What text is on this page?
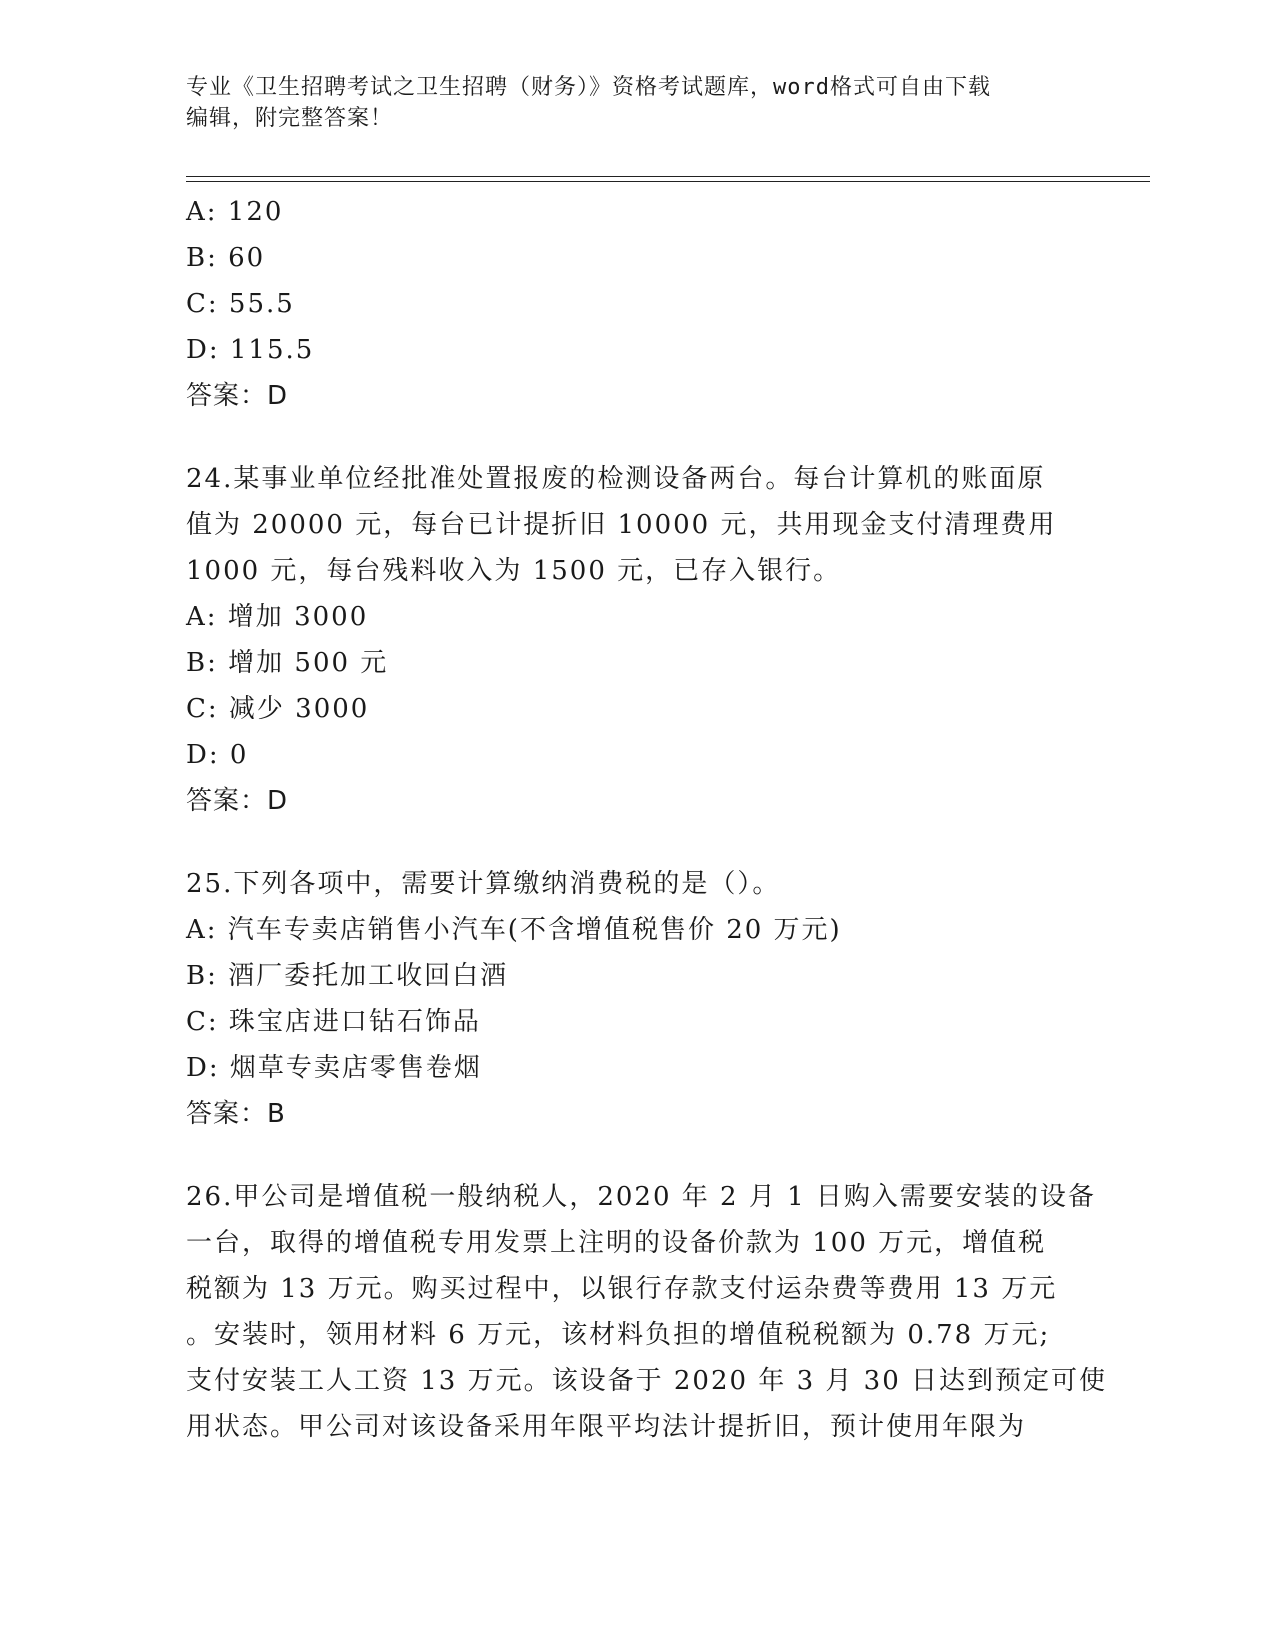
专业《卫生招聘考试之卫生招聘（财务）》资格考试题库，word格式可自由下载
编辑，附完整答案！
A: 120
B: 60
C: 55.5
D: 115.5
答案：D
24.某事业单位经批准处置报废的检测设备两台。每台计算机的账面原
值为 20000 元，每台已计提折旧 10000 元，共用现金支付清理费用
1000 元，每台残料收入为 1500 元，已存入银行。
A: 增加 3000
B: 增加 500 元
C: 减少 3000
D: 0
答案：D
25.下列各项中，需要计算缴纳消费税的是（）。
A: 汽车专卖店销售小汽车(不含增值税售价 20 万元)
B: 酒厂委托加工收回白酒
C: 珠宝店进口钻石饰品
D: 烟草专卖店零售卷烟
答案：B
26.甲公司是增值税一般纳税人，2020 年 2 月 1 日购入需要安装的设备
一台，取得的增值税专用发票上注明的设备价款为 100 万元，增值税
税额为 13 万元。购买过程中，以银行存款支付运杂费等费用 13 万元
。安装时，领用材料 6 万元，该材料负担的增值税税额为 0.78 万元;
支付安装工人工资 13 万元。该设备于 2020 年 3 月 30 日达到预定可使
用状态。甲公司对该设备采用年限平均法计提折旧，预计使用年限为
